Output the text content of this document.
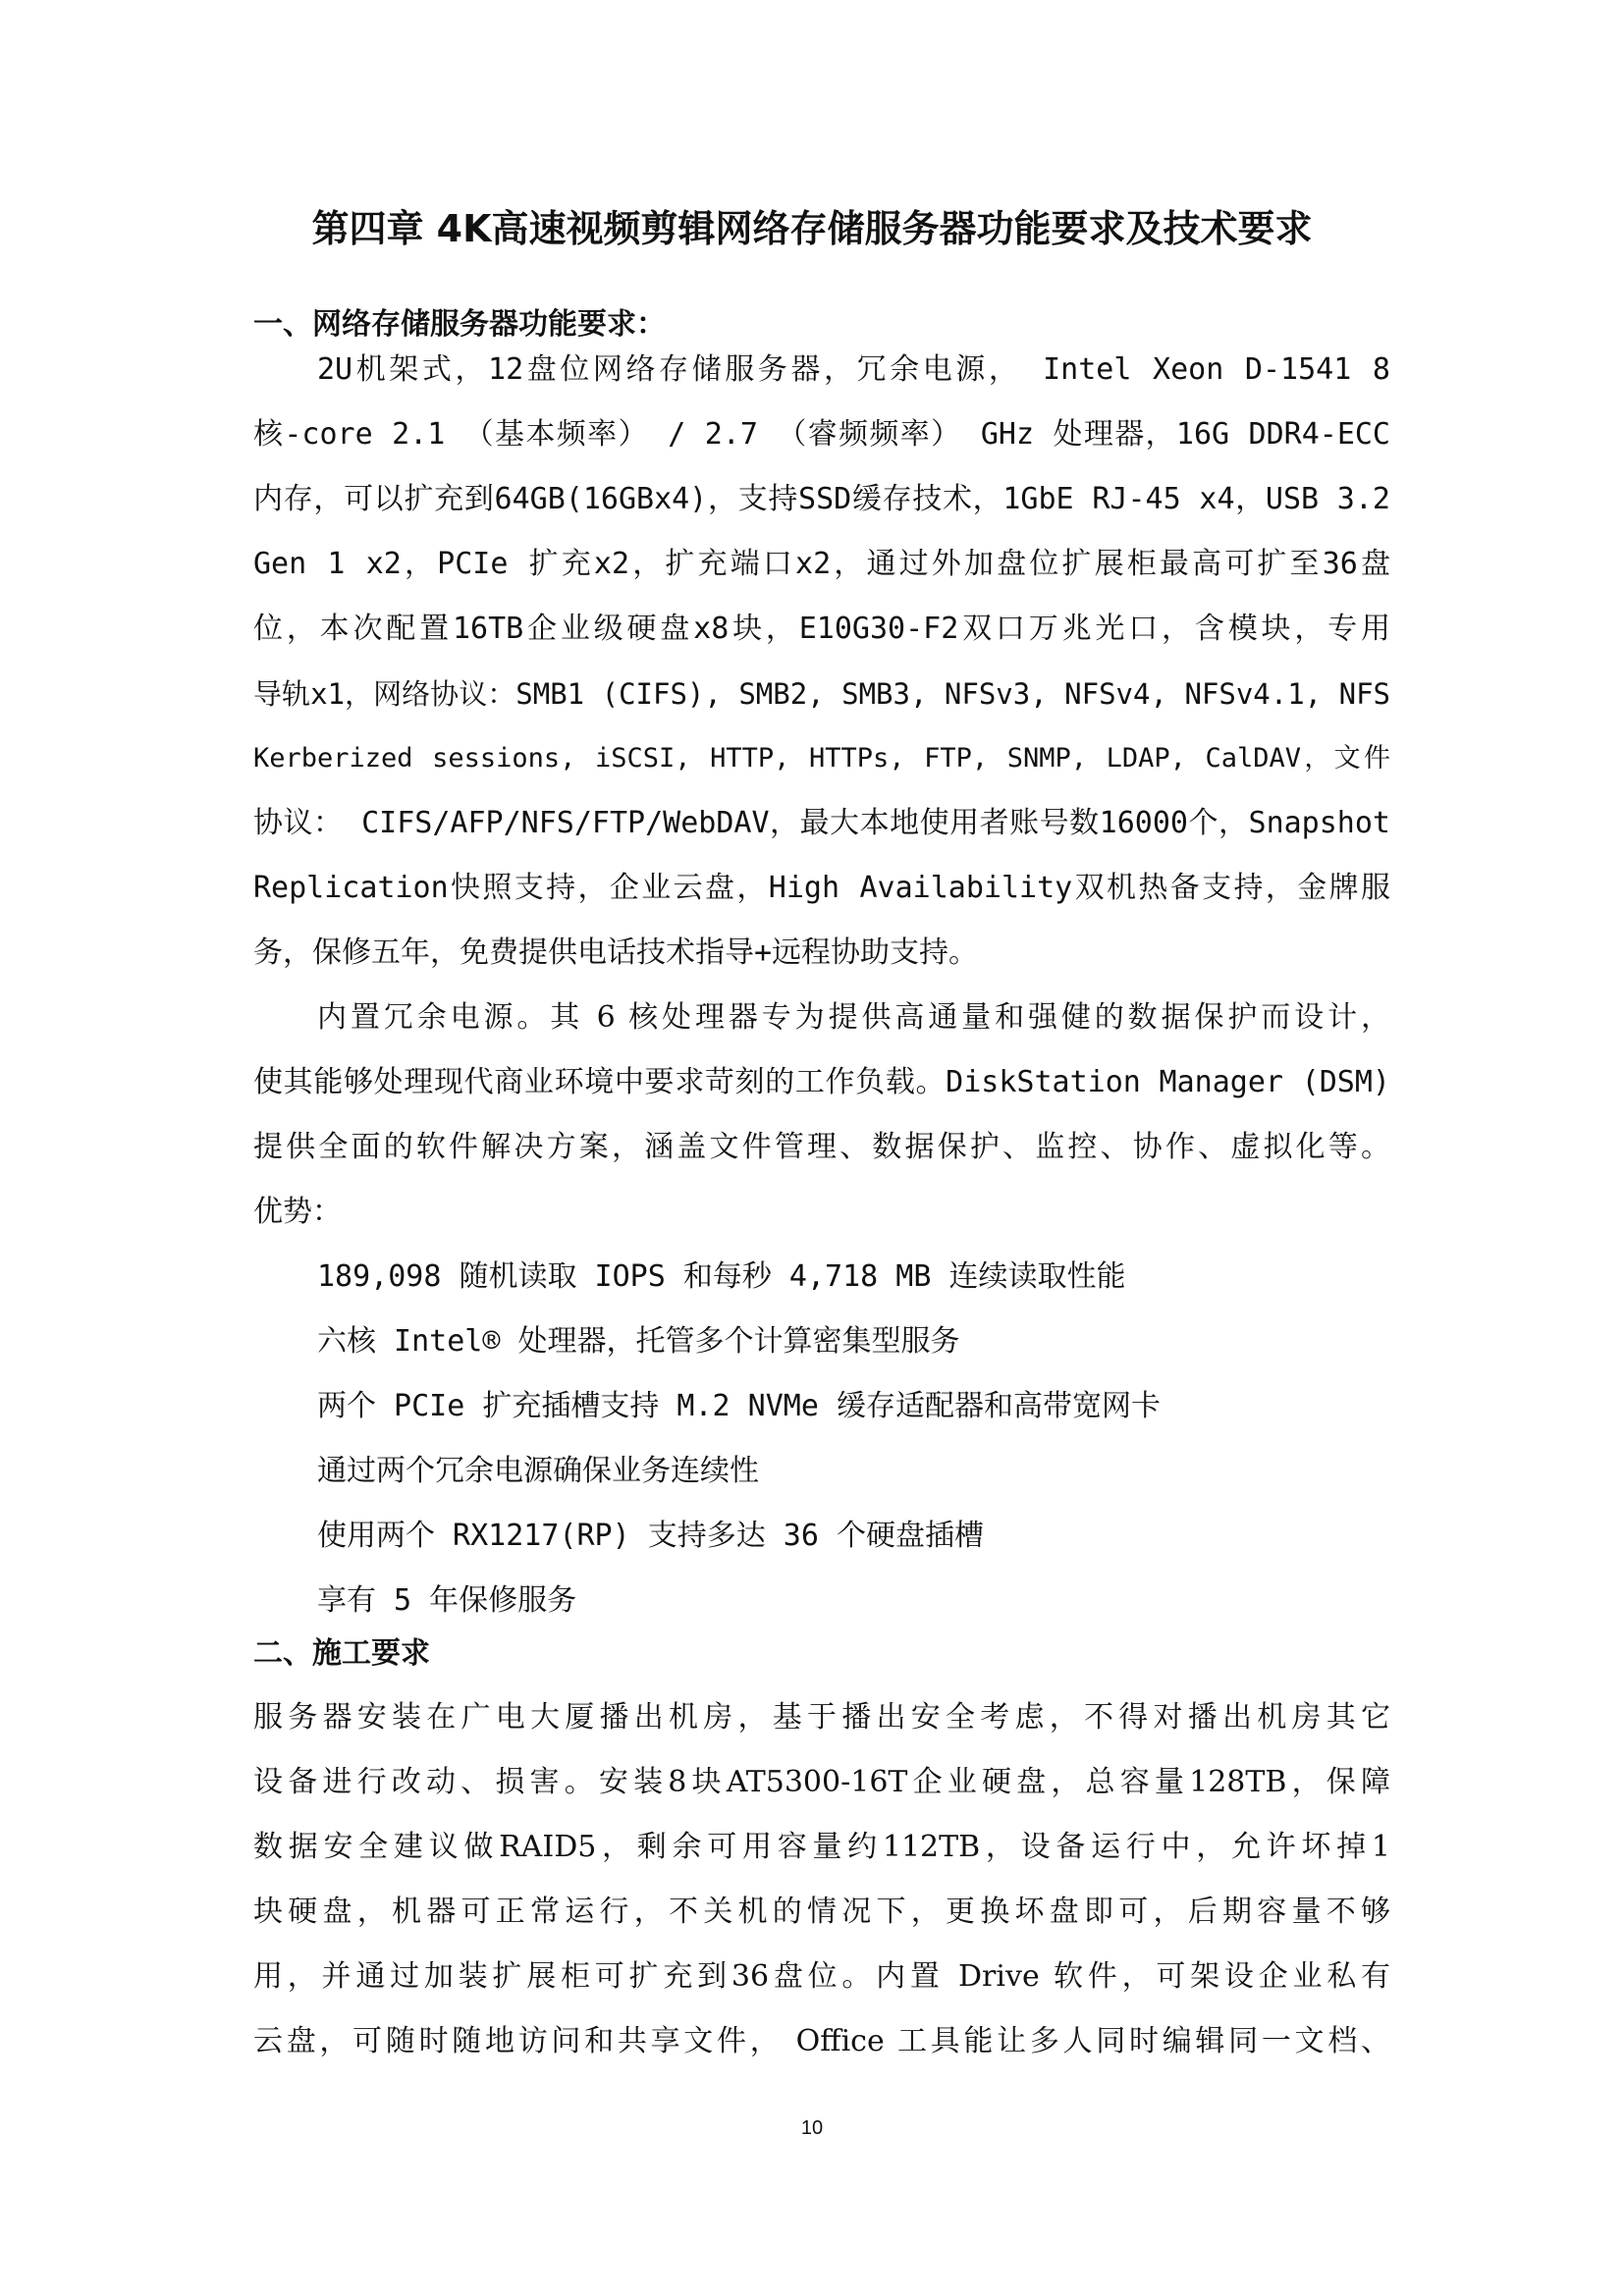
第四章 4K高速视频剪辑网络存储服务器功能要求及技术要求
一、网络存储服务器功能要求：
2U机架式，12盘位网络存储服务器，冗余电源， Intel Xeon D-1541 8
核-core 2.1 （基本频率） / 2.7 （睿频频率） GHz 处理器，16G DDR4-ECC
内存，可以扩充到64GB(16GBx4)，支持SSD缓存技术，1GbE RJ-45 x4，USB 3.2
Gen 1 x2，PCIe 扩充x2，扩充端口x2，通过外加盘位扩展柜最高可扩至36盘
位，本次配置16TB企业级硬盘x8块，E10G30-F2双口万兆光口，含模块，专用
导轨x1，网络协议：SMB1 (CIFS), SMB2, SMB3, NFSv3, NFSv4, NFSv4.1, NFS
Kerberized sessions, iSCSI, HTTP, HTTPs, FTP, SNMP, LDAP, CalDAV，文件
协议： CIFS/AFP/NFS/FTP/WebDAV，最大本地使用者账号数16000个，Snapshot
Replication快照支持，企业云盘，High Availability双机热备支持，金牌服
务，保修五年，免费提供电话技术指导+远程协助支持。
内置冗余电源。其 6 核处理器专为提供高通量和强健的数据保护而设计，
使其能够处理现代商业环境中要求苛刻的工作负载。DiskStation Manager (DSM)
提供全面的软件解决方案，涵盖文件管理、数据保护、监控、协作、虚拟化等。
优势：
189,098 随机读取 IOPS 和每秒 4,718 MB 连续读取性能
六核 Intel® 处理器，托管多个计算密集型服务
两个 PCIe 扩充插槽支持 M.2 NVMe 缓存适配器和高带宽网卡
通过两个冗余电源确保业务连续性
使用两个 RX1217(RP) 支持多达 36 个硬盘插槽
享有 5 年保修服务
二、施工要求
服务器安装在广电大厦播出机房，基于播出安全考虑，不得对播出机房其它
设备进行改动、损害。安装8块AT5300-16T企业硬盘，总容量128TB，保障
数据安全建议做RAID5，剩余可用容量约112TB，设备运行中，允许坏掉1
块硬盘，机器可正常运行，不关机的情况下，更换坏盘即可，后期容量不够
用，并通过加装扩展柜可扩充到36盘位。内置 Drive 软件，可架设企业私有
云盘，可随时随地访问和共享文件， Office 工具能让多人同时编辑同一文档、
10
